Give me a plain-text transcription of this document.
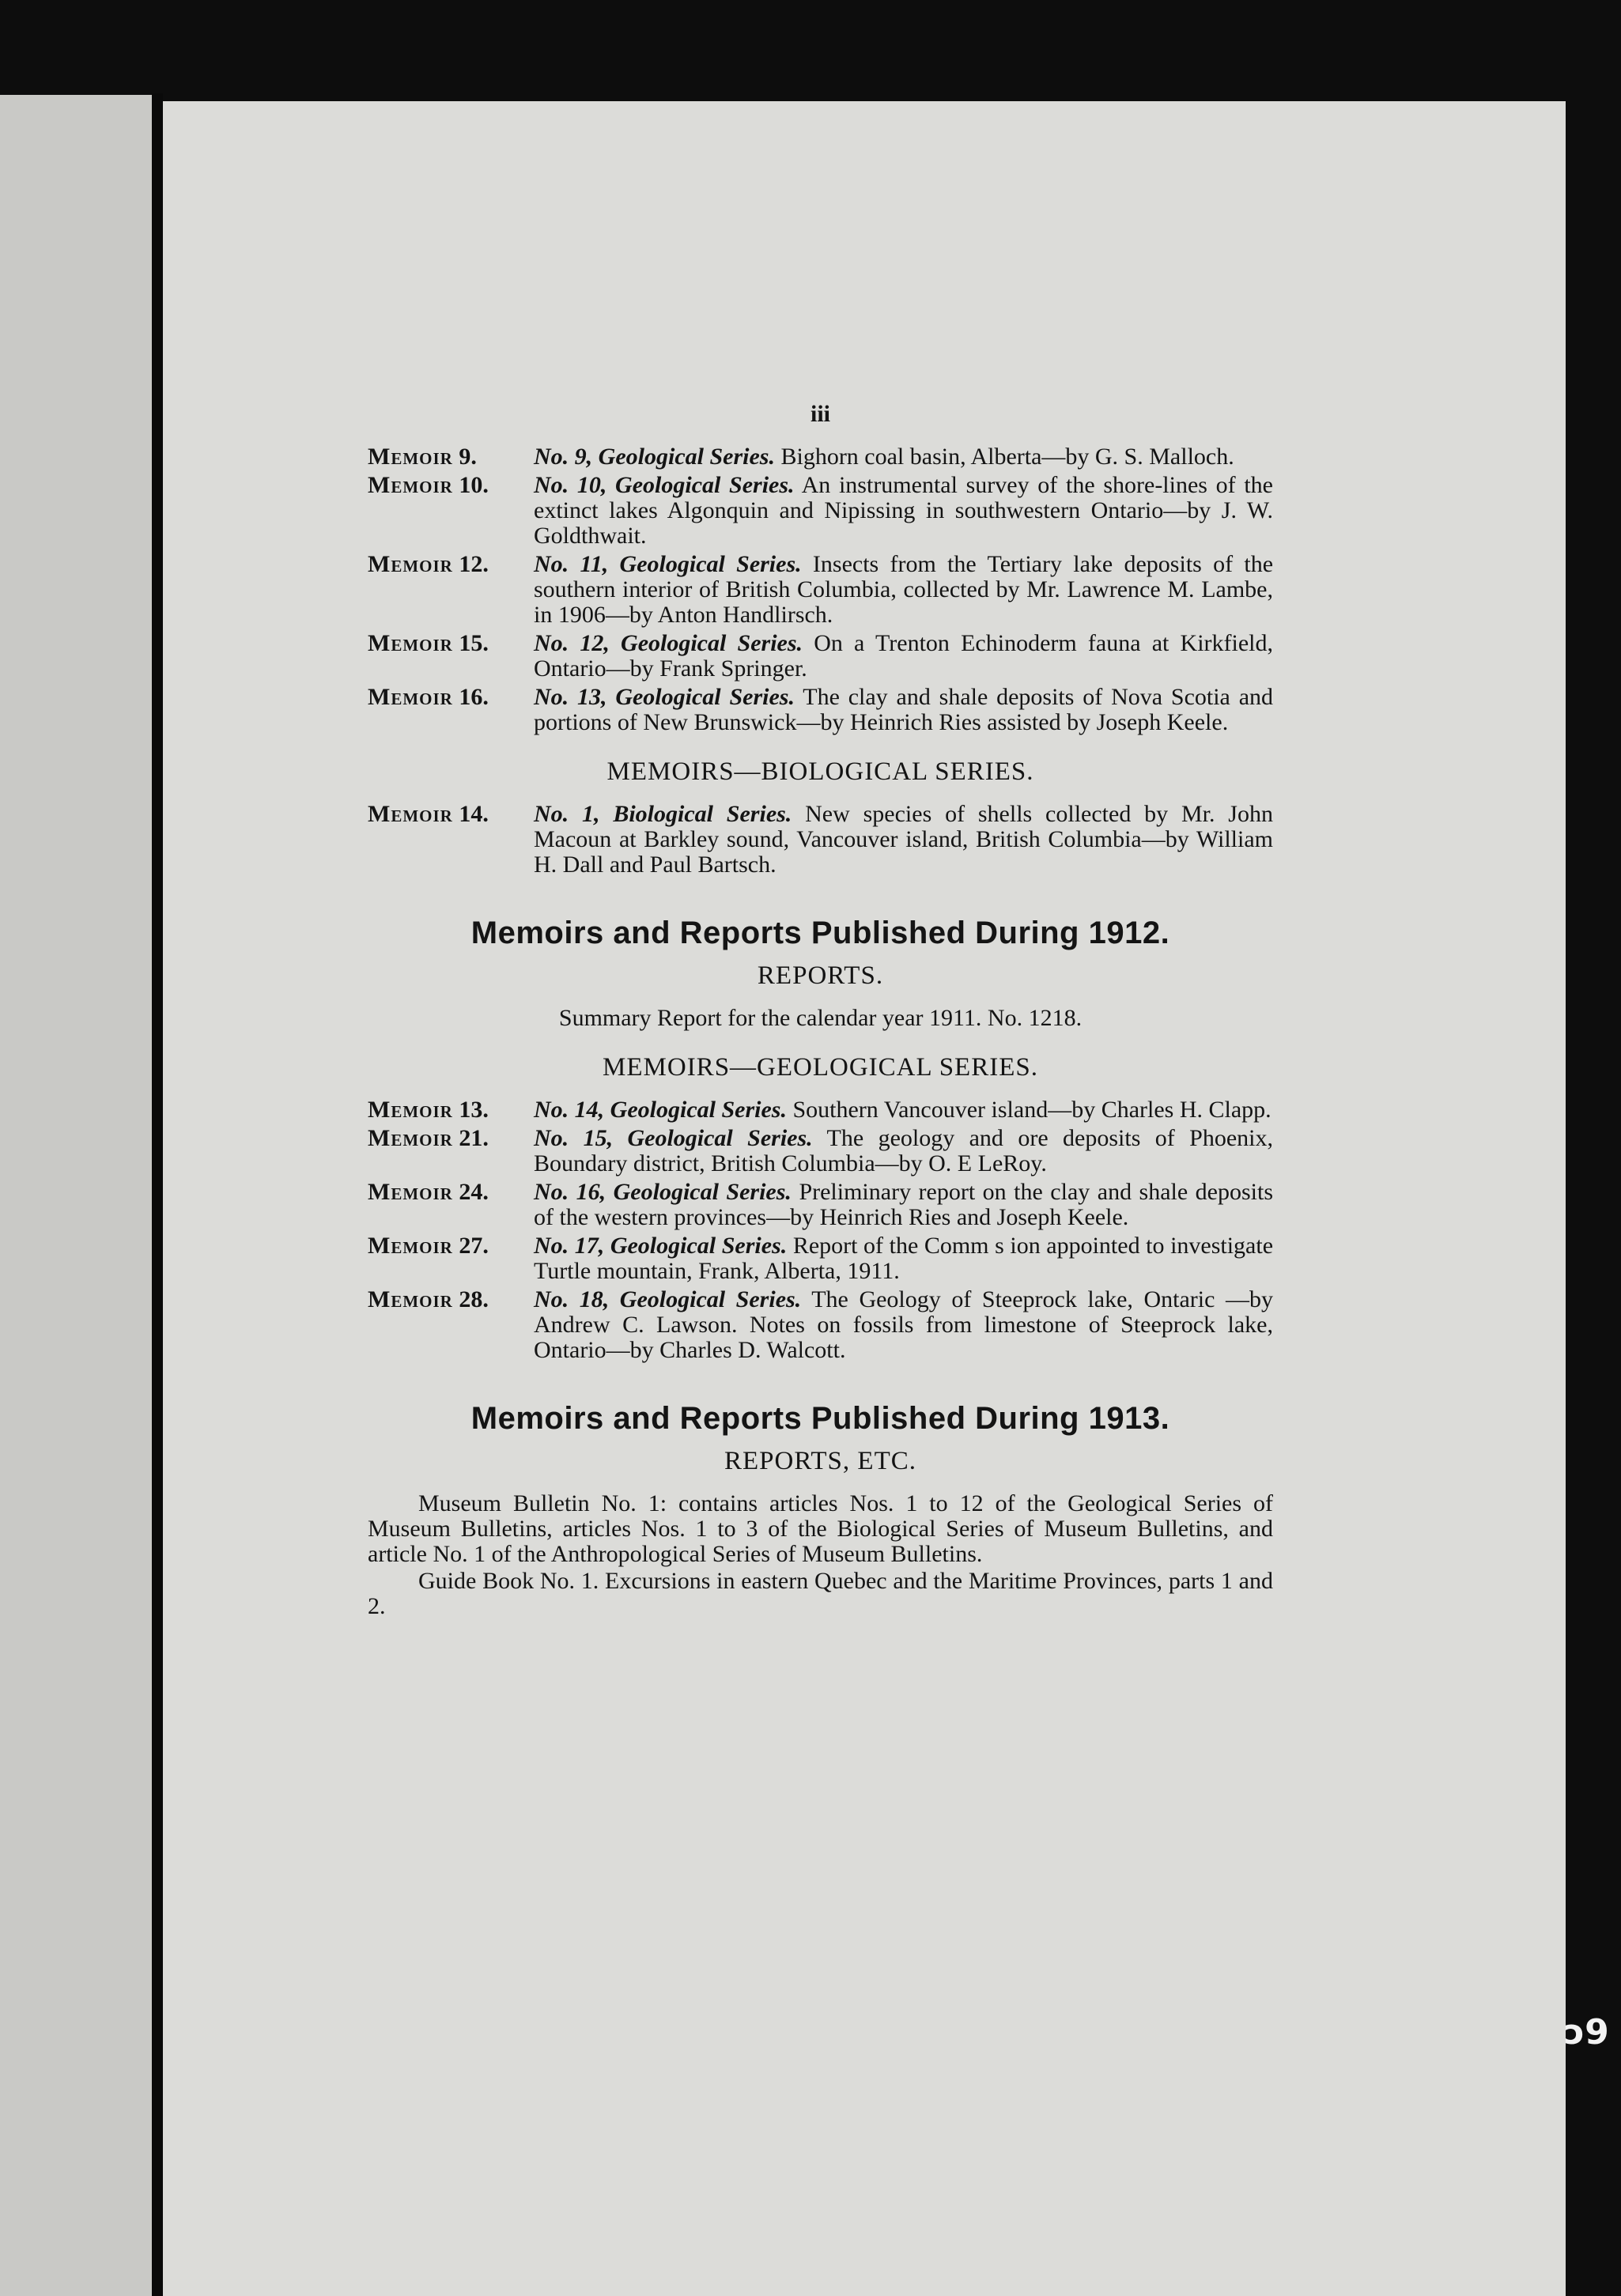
iii
Memoir 9.	No. 9, Geological Series. Bighorn coal basin, Alberta—by G. S. Malloch.
Memoir 10.	No. 10, Geological Series. An instrumental survey of the shore-lines of the extinct lakes Algonquin and Nipissing in southwestern Ontario—by J. W. Goldthwait.
Memoir 12.	No. 11, Geological Series. Insects from the Tertiary lake deposits of the southern interior of British Columbia, collected by Mr. Lawrence M. Lambe, in 1906—by Anton Handlirsch.
Memoir 15.	No. 12, Geological Series. On a Trenton Echinoderm fauna at Kirkfield, Ontario—by Frank Springer.
Memoir 16.	No. 13, Geological Series. The clay and shale deposits of Nova Scotia and portions of New Brunswick—by Heinrich Ries assisted by Joseph Keele.
MEMOIRS—BIOLOGICAL SERIES.
Memoir 14.	No. 1, Biological Series. New species of shells collected by Mr. John Macoun at Barkley sound, Vancouver island, British Columbia—by William H. Dall and Paul Bartsch.
Memoirs and Reports Published During 1912.
REPORTS.
Summary Report for the calendar year 1911. No. 1218.
MEMOIRS—GEOLOGICAL SERIES.
Memoir 13.	No. 14, Geological Series. Southern Vancouver island—by Charles H. Clapp.
Memoir 21.	No. 15, Geological Series. The geology and ore deposits of Phoenix, Boundary district, British Columbia—by O. E LeRoy.
Memoir 24.	No. 16, Geological Series. Preliminary report on the clay and shale deposits of the western provinces—by Heinrich Ries and Joseph Keele.
Memoir 27.	No. 17, Geological Series. Report of the Comm s ion appointed to investigate Turtle mountain, Frank, Alberta, 1911.
Memoir 28.	No. 18, Geological Series. The Geology of Steeprock lake, Ontaric —by Andrew C. Lawson. Notes on fossils from limestone of Steeprock lake, Ontario—by Charles D. Walcott.
Memoirs and Reports Published During 1913.
REPORTS, ETC.

Museum Bulletin No. 1: contains articles Nos. 1 to 12 of the Geological Series of Museum Bulletins, articles Nos. 1 to 3 of the Biological Series of Museum Bulletins, and article No. 1 of the Anthropological Series of Museum Bulletins.

Guide Book No. 1. Excursions in eastern Quebec and the Maritime Provinces, parts 1 and 2.

ɔ9
